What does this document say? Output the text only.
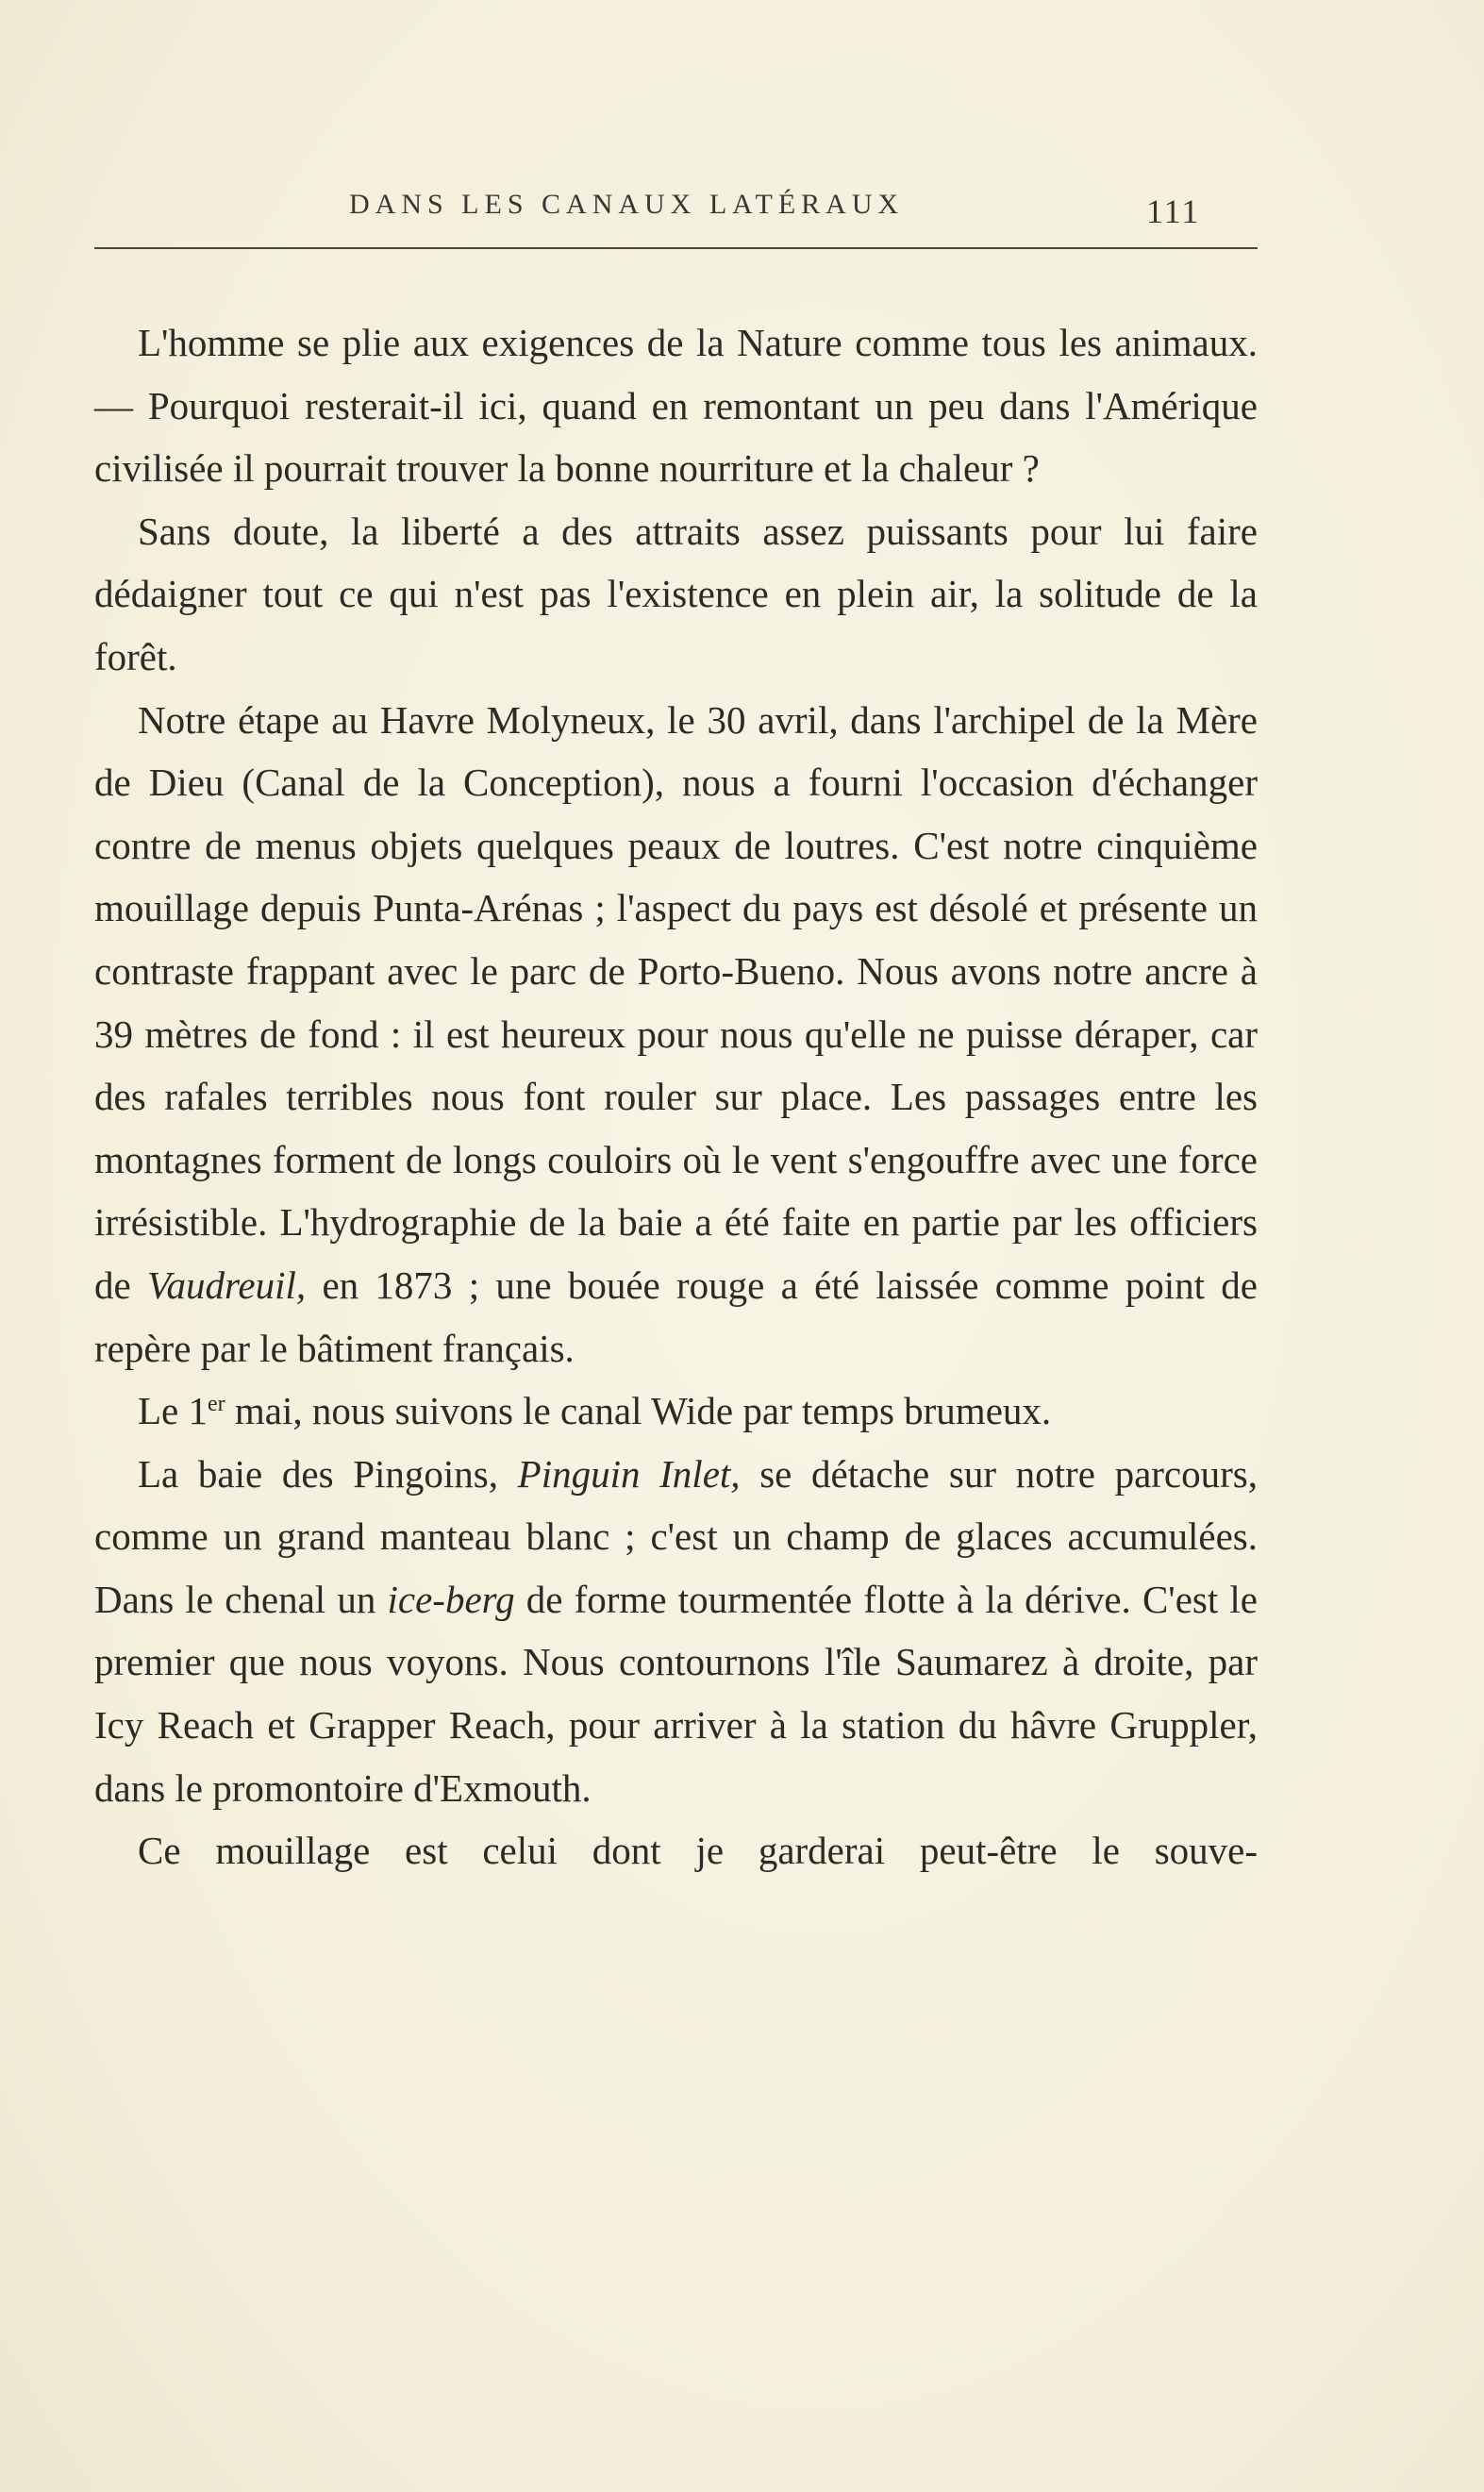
DANS LES CANAUX LATÉRAUX	111

L'homme se plie aux exigences de la Nature comme tous les animaux. — Pourquoi resterait-il ici, quand en remontant un peu dans l'Amérique civilisée il pourrait trouver la bonne nourriture et la chaleur ?

Sans doute, la liberté a des attraits assez puissants pour lui faire dédaigner tout ce qui n'est pas l'existence en plein air, la solitude de la forêt.

Notre étape au Havre Molyneux, le 30 avril, dans l'archipel de la Mère de Dieu (Canal de la Conception), nous a fourni l'occasion d'échanger contre de menus objets quelques peaux de loutres. C'est notre cinquième mouillage depuis Punta-Arénas ; l'aspect du pays est désolé et présente un contraste frappant avec le parc de Porto-Bueno. Nous avons notre ancre à 39 mètres de fond : il est heureux pour nous qu'elle ne puisse déraper, car des rafales terribles nous font rouler sur place. Les passages entre les montagnes forment de longs couloirs où le vent s'engouffre avec une force irrésistible. L'hydrographie de la baie a été faite en partie par les officiers de Vaudreuil, en 1873 ; une bouée rouge a été laissée comme point de repère par le bâtiment français.

Le 1er mai, nous suivons le canal Wide par temps brumeux.

La baie des Pingoins, Pinguin Inlet, se détache sur notre parcours, comme un grand manteau blanc ; c'est un champ de glaces accumulées. Dans le chenal un ice-berg de forme tourmentée flotte à la dérive. C'est le premier que nous voyons. Nous contournons l'île Saumarez à droite, par Icy Reach et Grapper Reach, pour arriver à la station du hâvre Gruppler, dans le promontoire d'Exmouth.

Ce mouillage est celui dont je garderai peut-être le souve-
